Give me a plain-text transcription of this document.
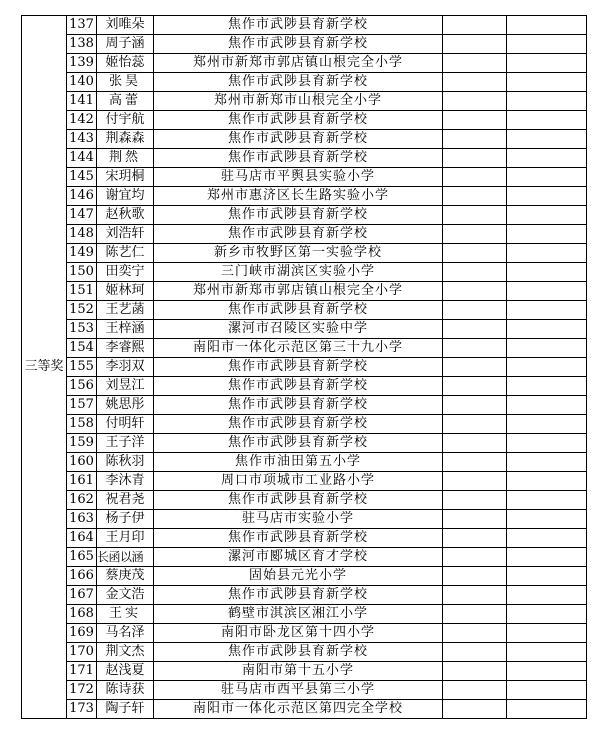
三等奖	137	刘唯朵	焦作市武陟县育新学校		
	138	周子涵	焦作市武陟县育新学校		
	139	姬怡蕊	郑州市新郑市郭店镇山根完全小学		
	140	张昊	焦作市武陟县育新学校		
	141	高蕾	郑州市新郑市山根完全小学		
	142	付宇航	焦作市武陟县育新学校		
	143	荆森森	焦作市武陟县育新学校		
	144	荆然	焦作市武陟县育新学校		
	145	宋玥桐	驻马店市平舆县实验小学		
	146	谢宜均	郑州市惠济区长生路实验小学		
	147	赵秋歌	焦作市武陟县育新学校		
	148	刘浩轩	焦作市武陟县育新学校		
	149	陈艺仁	新乡市牧野区第一实验学校		
	150	田奕宁	三门峡市湖滨区实验小学		
	151	姬林珂	郑州市新郑市郭店镇山根完全小学		
	152	王艺菡	焦作市武陟县育新学校		
	153	王梓涵	漯河市召陵区实验中学		
	154	李睿熙	南阳市一体化示范区第三十九小学		
	155	李羽双	焦作市武陟县育新学校		
	156	刘昱江	焦作市武陟县育新学校		
	157	姚思彤	焦作市武陟县育新学校		
	158	付明轩	焦作市武陟县育新学校		
	159	王子洋	焦作市武陟县育新学校		
	160	陈秋羽	焦作市油田第五小学		
	161	李沐青	周口市项城市工业路小学		
	162	祝君尧	焦作市武陟县育新学校		
	163	杨子伊	驻马店市实验小学		
	164	王月印	焦作市武陟县育新学校		
	165	长函以涵	漯河市郾城区育才学校		
	166	蔡庚茂	固始县元光小学		
	167	金文浩	焦作市武陟县育新学校		
	168	王实	鹤壁市淇滨区湘江小学		
	169	马名泽	南阳市卧龙区第十四小学		
	170	荆文杰	焦作市武陟县育新学校		
	171	赵浅夏	南阳市第十五小学		
	172	陈诗获	驻马店市西平县第三小学		
	173	陶子轩	南阳市一体化示范区第四完全学校		
